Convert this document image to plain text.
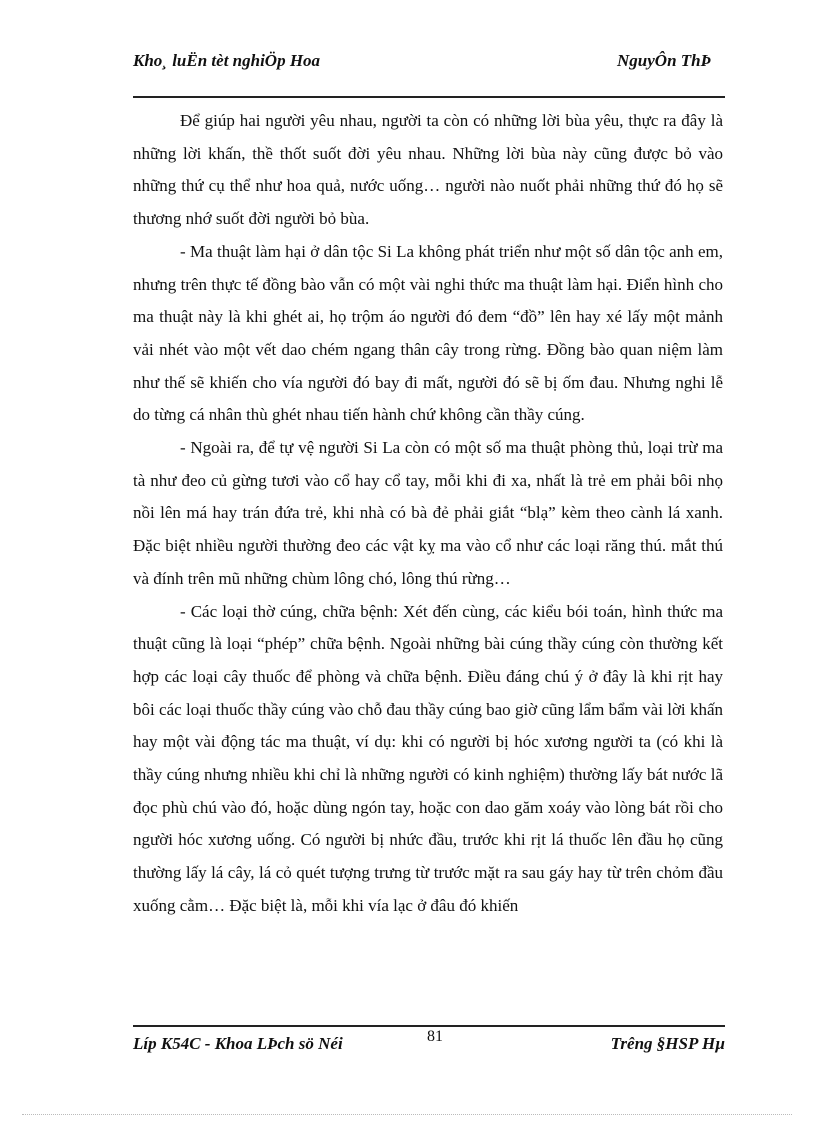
Kho¸ luËn tèt nghiÖp Hoa	NguyÔn ThÞ

Để giúp hai người yêu nhau, người ta còn có những lời bùa yêu, thực ra đây là những lời khấn, thề thốt suốt đời yêu nhau. Những lời bùa này cũng được bỏ vào những thứ cụ thể như hoa quả, nước uống… người nào nuốt phải những thứ đó họ sẽ thương nhớ suốt đời người bỏ bùa.

- Ma thuật làm hại ở dân tộc Si La không phát triển như một số dân tộc anh em, nhưng trên thực tế đồng bào vẫn có một vài nghi thức ma thuật làm hại. Điển hình cho ma thuật này là khi ghét ai, họ trộm áo người đó đem “đồ” lên hay xé lấy một mảnh vải nhét vào một vết dao chém ngang thân cây trong rừng. Đồng bào quan niệm làm như thế sẽ khiến cho vía người đó bay đi mất, người đó sẽ bị ốm đau. Nhưng nghi lễ do từng cá nhân thù ghét nhau tiến hành chứ không cần thầy cúng.

- Ngoài ra, để tự vệ người Si La còn có một số ma thuật phòng thủ, loại trừ ma tà như đeo củ gừng tươi vào cổ hay cổ tay, mỗi khi đi xa, nhất là trẻ em phải bôi nhọ nồi lên má hay trán đứa trẻ, khi nhà có bà đẻ phải giắt “blạ” kèm theo cành lá xanh. Đặc biệt nhiều người thường đeo các vật kỵ ma vào cổ như các loại răng thú. mắt thú và đính trên mũ những chùm lông chó, lông thú rừng…

- Các loại thờ cúng, chữa bệnh: Xét đến cùng, các kiểu bói toán, hình thức ma thuật cũng là loại “phép” chữa bệnh. Ngoài những bài cúng thầy cúng còn thường kết hợp các loại cây thuốc để phòng và chữa bệnh. Điều đáng chú ý ở đây là khi rịt hay bôi các loại thuốc thầy cúng vào chỗ đau thầy cúng bao giờ cũng lẩm bẩm vài lời khấn hay một vài động tác ma thuật, ví dụ: khi có người bị hóc xương người ta (có khi là thầy cúng nhưng nhiều khi chỉ là những người có kinh nghiệm) thường lấy bát nước lã đọc phù chú vào đó, hoặc dùng ngón tay, hoặc con dao găm xoáy vào lòng bát rồi cho người hóc xương uống. Có người bị nhức đầu, trước khi rịt lá thuốc lên đầu họ cũng thường lấy lá cây, lá cỏ quét tượng trưng từ trước mặt ra sau gáy hay từ trên chỏm đầu xuống cằm… Đặc biệt là, mỗi khi vía lạc ở đâu đó khiến

Líp K54C - Khoa LÞch sö Néi	81	Trêng §HSP Hµ
